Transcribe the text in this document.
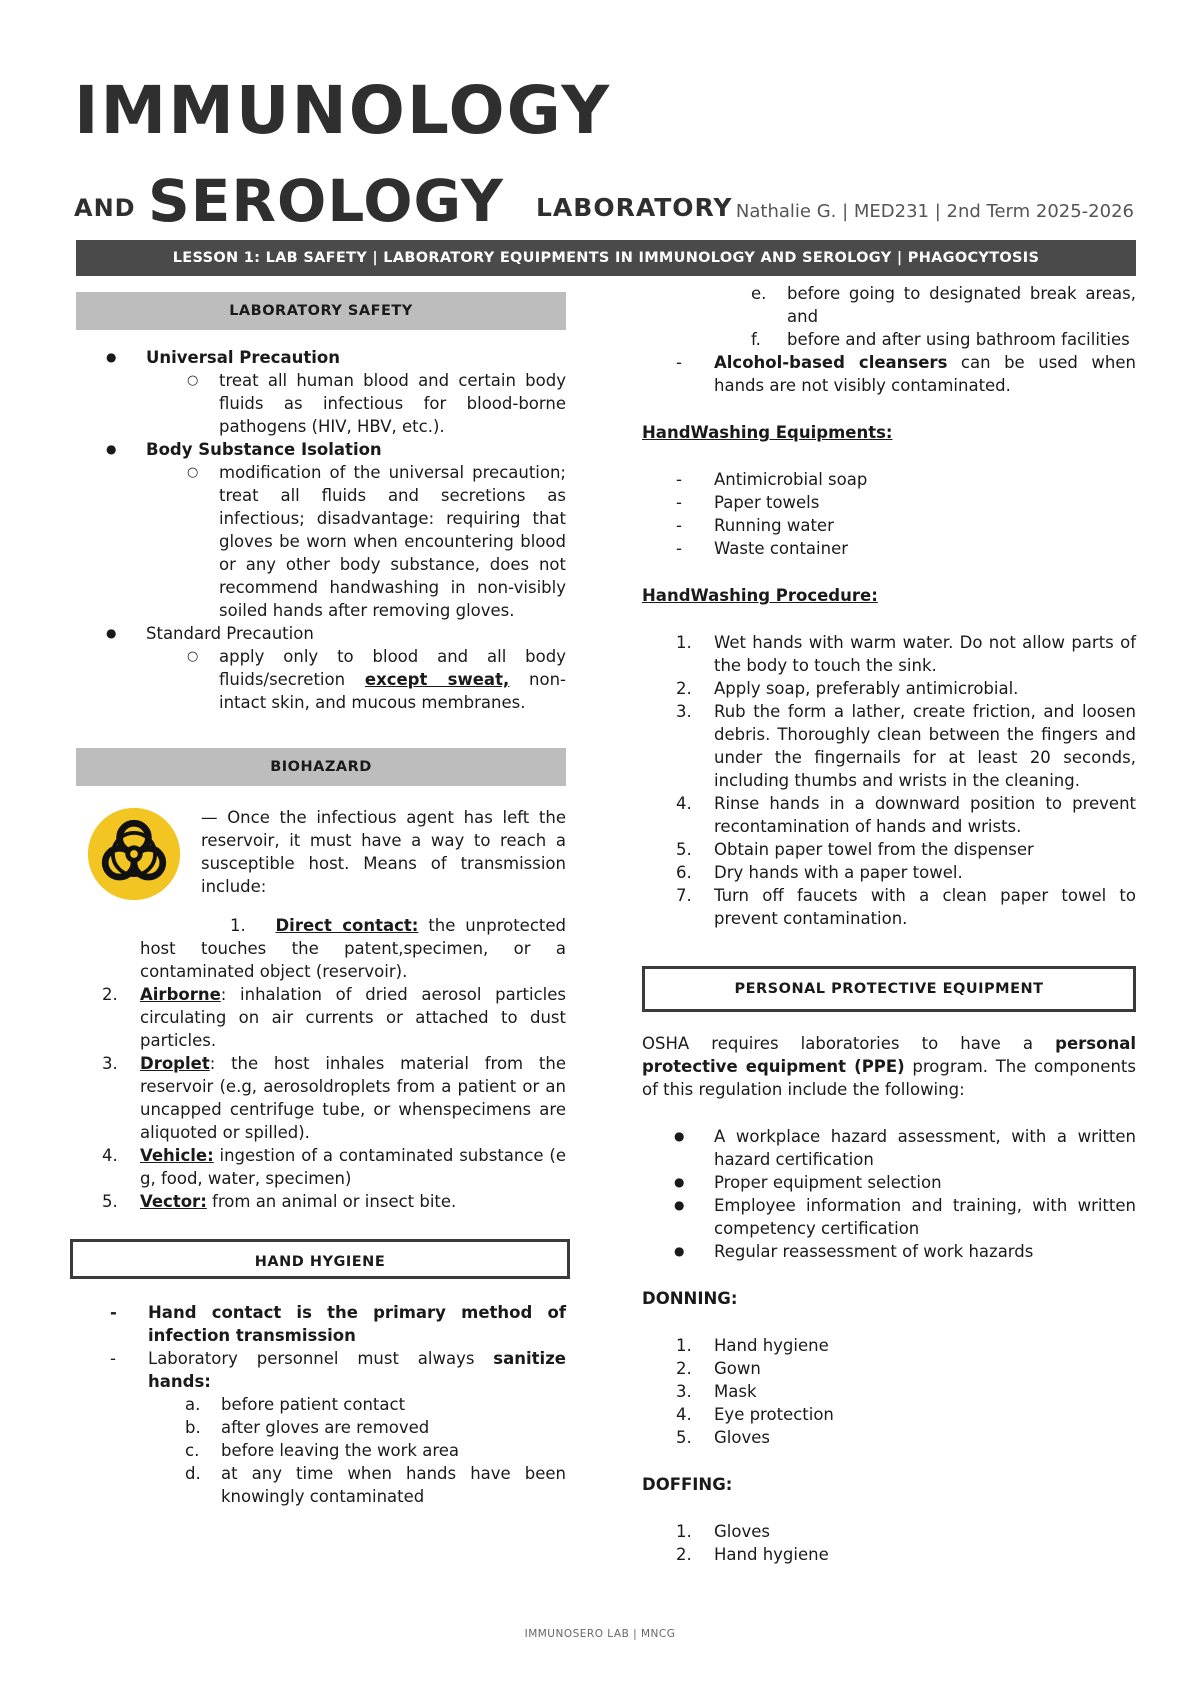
IMMUNOLOGY
AND SEROLOGY LABORATORY Nathalie G. | MED231 | 2nd Term 2025-2026
LESSON 1: LAB SAFETY | LABORATORY EQUIPMENTS IN IMMUNOLOGY AND SEROLOGY | PHAGOCYTOSIS
LABORATORY SAFETY
● Universal Precaution
○ treat all human blood and certain body fluids as infectious for blood-borne pathogens (HIV, HBV, etc.).
● Body Substance Isolation
○ modification of the universal precaution; treat all fluids and secretions as infectious; disadvantage: requiring that gloves be worn when encountering blood or any other body substance, does not recommend handwashing in non-visibly soiled hands after removing gloves.
● Standard Precaution
○ apply only to blood and all body fluids/secretion except sweat, non-intact skin, and mucous membranes.
BIOHAZARD
— Once the infectious agent has left the reservoir, it must have a way to reach a susceptible host. Means of transmission include:
1. Direct contact: the unprotected host touches the patent,specimen, or a contaminated object (reservoir).
2. Airborne: inhalation of dried aerosol particles circulating on air currents or attached to dust particles.
3. Droplet: the host inhales material from the reservoir (e.g, aerosoldroplets from a patient or an uncapped centrifuge tube, or whenspecimens are aliquoted or spilled).
4. Vehicle: ingestion of a contaminated substance (e g, food, water, specimen)
5. Vector: from an animal or insect bite.
HAND HYGIENE
- Hand contact is the primary method of infection transmission
- Laboratory personnel must always sanitize hands:
a. before patient contact
b. after gloves are removed
c. before leaving the work area
d. at any time when hands have been knowingly contaminated
e. before going to designated break areas, and
f. before and after using bathroom facilities
- Alcohol-based cleansers can be used when hands are not visibly contaminated.
HandWashing Equipments:
- Antimicrobial soap
- Paper towels
- Running water
- Waste container
HandWashing Procedure:
1. Wet hands with warm water. Do not allow parts of the body to touch the sink.
2. Apply soap, preferably antimicrobial.
3. Rub the form a lather, create friction, and loosen debris. Thoroughly clean between the fingers and under the fingernails for at least 20 seconds, including thumbs and wrists in the cleaning.
4. Rinse hands in a downward position to prevent recontamination of hands and wrists.
5. Obtain paper towel from the dispenser
6. Dry hands with a paper towel.
7. Turn off faucets with a clean paper towel to prevent contamination.
PERSONAL PROTECTIVE EQUIPMENT
OSHA requires laboratories to have a personal protective equipment (PPE) program. The components of this regulation include the following:
● A workplace hazard assessment, with a written hazard certification
● Proper equipment selection
● Employee information and training, with written competency certification
● Regular reassessment of work hazards
DONNING:
1. Hand hygiene
2. Gown
3. Mask
4. Eye protection
5. Gloves
DOFFING:
1. Gloves
2. Hand hygiene
IMMUNOSERO LAB | MNCG
